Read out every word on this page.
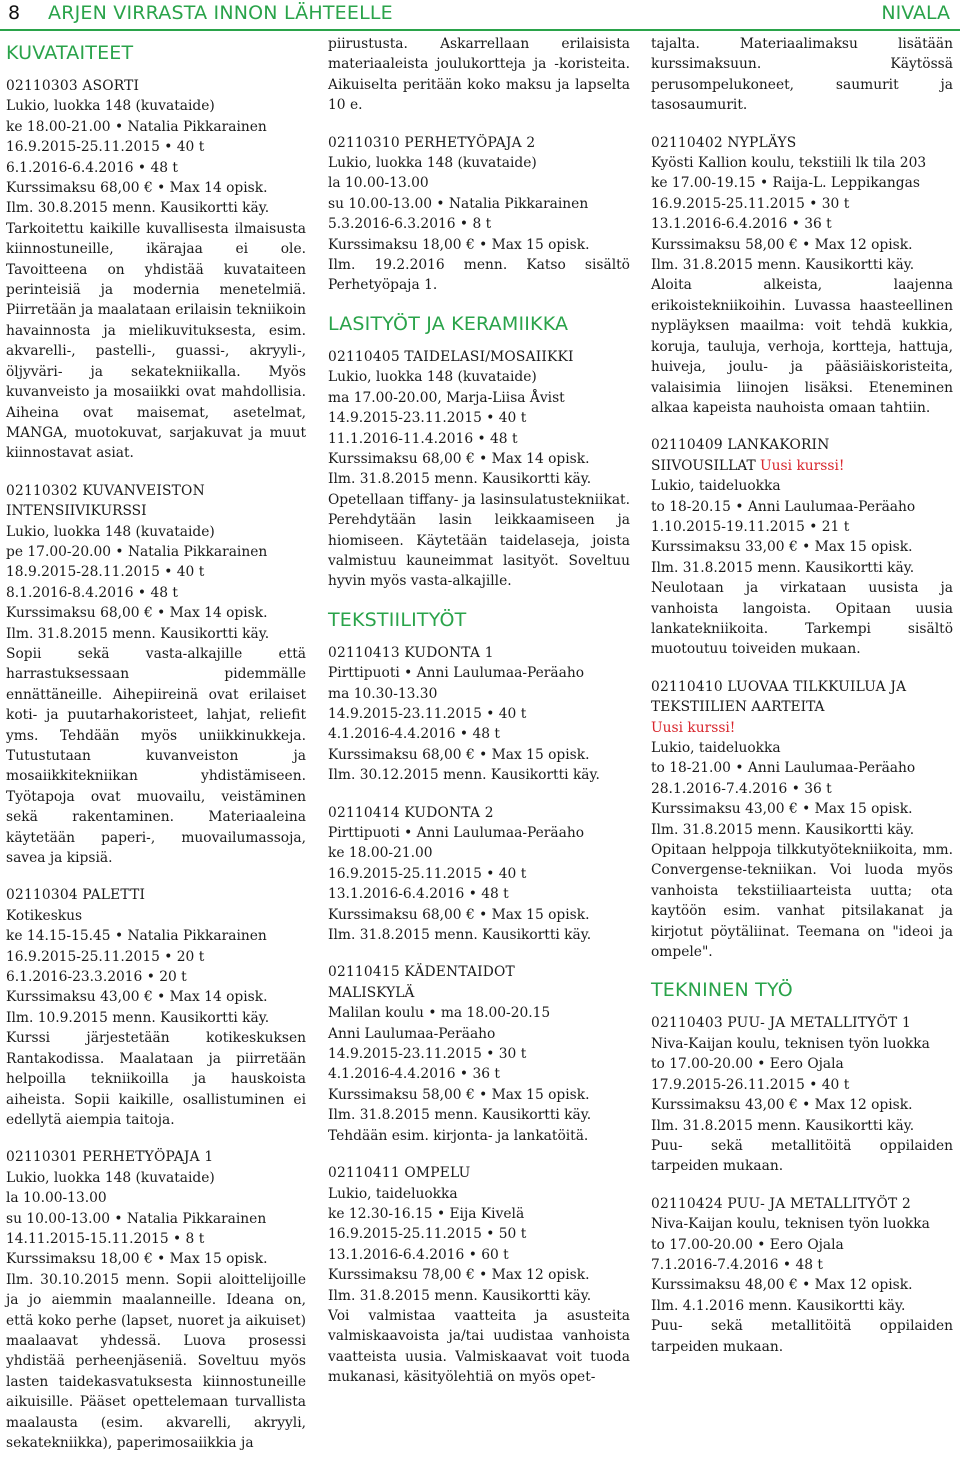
8 ARJEN VIRRASTA INNON LÄHTEELLE	NIVALA
KUVATAITEET
02110303 ASORTI
Lukio, luokka 148 (kuvataide)
ke 18.00-21.00 • Natalia Pikkarainen
16.9.2015-25.11.2015 • 40 t
6.1.2016-6.4.2016 • 48 t
Kurssimaksu 68,00 € • Max 14 opisk.
Ilm. 30.8.2015 menn. Kausikortti käy.
Tarkoitettu kaikille kuvallisesta ilmaisusta kiinnostuneille, ikärajaa ei ole. Tavoitteena on yhdistää kuvataiteen perinteisiä ja modernia menetelmiä. Piirretään ja maalataan erilaisin tekniikoin havainnosta ja mielikuvituksesta, esim. akvarelli-, pastelli-, guassi-, akryyli-, öljyväri- ja sekatekniikalla. Myös kuvanveisto ja mosaiikki ovat mahdollisia. Aiheina ovat maisemat, asetelmat, MANGA, muotokuvat, sarjakuvat ja muut kiinnostavat asiat.
02110302 KUVANVEISTON
INTENSIIVIKURSSI
Lukio, luokka 148 (kuvataide)
pe 17.00-20.00 • Natalia Pikkarainen
18.9.2015-28.11.2015 • 40 t
8.1.2016-8.4.2016 • 48 t
Kurssimaksu 68,00 € • Max 14 opisk.
Ilm. 31.8.2015 menn. Kausikortti käy.
Sopii sekä vasta-alkajille että harrastuksessaan pidemmälle ennättäneille. Aihepiireinä ovat erilaiset koti- ja puutarhakoristeet, lahjat, reliefit yms. Tehdään myös uniikkinukkeja. Tutustutaan kuvanveiston ja mosaiikkitekniikan yhdistämiseen. Työtapoja ovat muovailu, veistäminen sekä rakentaminen. Materiaaleina käytetään paperi-, muovailumassoja, savea ja kipsiä.
02110304 PALETTI
Kotikeskus
ke 14.15-15.45 • Natalia Pikkarainen
16.9.2015-25.11.2015 • 20 t
6.1.2016-23.3.2016 • 20 t
Kurssimaksu 43,00 € • Max 14 opisk.
Ilm. 10.9.2015 menn. Kausikortti käy.
Kurssi järjestetään kotikeskuksen Rantakodissa. Maalataan ja piirretään helpoilla tekniikoilla ja hauskoista aiheista. Sopii kaikille, osallistuminen ei edellytä aiempia taitoja.
02110301 PERHETYÖPAJA 1
Lukio, luokka 148 (kuvataide)
la 10.00-13.00
su 10.00-13.00 • Natalia Pikkarainen
14.11.2015-15.11.2015 • 8 t
Kurssimaksu 18,00 € • Max 15 opisk.
Ilm. 30.10.2015 menn. Sopii aloittelijoille ja jo aiemmin maalanneille. Ideana on, että koko perhe (lapset, nuoret ja aikuiset) maalaavat yhdessä. Luova prosessi yhdistää perheenjäseniä. Soveltuu myös lasten taidekasvatuksesta kiinnostuneille aikuisille. Pääset opettelemaan turvallista maalausta (esim. akvarelli, akryyli, sekatekniikka), paperimosaiikkia ja
piirustusta. Askarrellaan erilaisista materiaaleista joulukortteja ja -koristeita. Aikuiselta peritään koko maksu ja lapselta 10 e.
02110310 PERHETYÖPAJA 2
Lukio, luokka 148 (kuvataide)
la 10.00-13.00
su 10.00-13.00 • Natalia Pikkarainen
5.3.2016-6.3.2016 • 8 t
Kurssimaksu 18,00 € • Max 15 opisk.
Ilm. 19.2.2016 menn. Katso sisältö Perhetyöpaja 1.
LASITYÖT JA KERAMIIKKA
02110405 TAIDELASI/MOSAIIKKI
Lukio, luokka 148 (kuvataide)
ma 17.00-20.00, Marja-Liisa Åvist
14.9.2015-23.11.2015 • 40 t
11.1.2016-11.4.2016 • 48 t
Kurssimaksu 68,00 € • Max 14 opisk.
Ilm. 31.8.2015 menn. Kausikortti käy.
Opetellaan tiffany- ja lasinsulatustekniikat. Perehdytään lasin leikkaamiseen ja hiomiseen. Käytetään taidelaseja, joista valmistuu kauneimmat lasityöt. Soveltuu hyvin myös vasta-alkajille.
TEKSTIILITYÖT
02110413 KUDONTA 1
Pirttipuoti • Anni Laulumaa-Peräaho
ma 10.30-13.30
14.9.2015-23.11.2015 • 40 t
4.1.2016-4.4.2016 • 48 t
Kurssimaksu 68,00 € • Max 15 opisk.
Ilm. 30.12.2015 menn. Kausikortti käy.
02110414 KUDONTA 2
Pirttipuoti • Anni Laulumaa-Peräaho
ke 18.00-21.00
16.9.2015-25.11.2015 • 40 t
13.1.2016-6.4.2016 • 48 t
Kurssimaksu 68,00 € • Max 15 opisk.
Ilm. 31.8.2015 menn. Kausikortti käy.
02110415 KÄDENTAIDOT
MALISKYLÄ
Malilan koulu • ma 18.00-20.15
Anni Laulumaa-Peräaho
14.9.2015-23.11.2015 • 30 t
4.1.2016-4.4.2016 • 36 t
Kurssimaksu 58,00 € • Max 15 opisk.
Ilm. 31.8.2015 menn. Kausikortti käy.
Tehdään esim. kirjonta- ja lankatöitä.
02110411 OMPELU
Lukio, taideluokka
ke 12.30-16.15 • Eija Kivelä
16.9.2015-25.11.2015 • 50 t
13.1.2016-6.4.2016 • 60 t
Kurssimaksu 78,00 € • Max 12 opisk.
Ilm. 31.8.2015 menn. Kausikortti käy.
Voi valmistaa vaatteita ja asusteita valmiskaavoista ja/tai uudistaa vanhoista vaatteista uusia. Valmiskaavat voit tuoda mukanasi, käsityölehtiä on myös opet-
tajalta. Materiaalimaksu lisätään kurssimaksuun. Käytössä perusompelukoneet, saumurit ja tasosaumurit.
02110402 NYPLÄYS
Kyösti Kallion koulu, tekstiili lk tila 203
ke 17.00-19.15 • Raija-L. Leppikangas
16.9.2015-25.11.2015 • 30 t
13.1.2016-6.4.2016 • 36 t
Kurssimaksu 58,00 € • Max 12 opisk.
Ilm. 31.8.2015 menn. Kausikortti käy.
Aloita alkeista, laajenna erikoistekniikoihin. Luvassa haasteellinen nypläyksen maailma: voit tehdä kukkia, koruja, tauluja, verhoja, kortteja, hattuja, huiveja, joulu- ja pääsiäiskoristeita, valaisimia liinojen lisäksi. Eteneminen alkaa kapeista nauhoista omaan tahtiin.
02110409 LANKAKORIN
SIIVOUSILLAT Uusi kurssi!
Lukio, taideluokka
to 18-20.15 • Anni Laulumaa-Peräaho
1.10.2015-19.11.2015 • 21 t
Kurssimaksu 33,00 € • Max 15 opisk.
Ilm. 31.8.2015 menn. Kausikortti käy.
Neulotaan ja virkataan uusista ja vanhoista langoista. Opitaan uusia lankatekniikoita. Tarkempi sisältö muotoutuu toiveiden mukaan.
02110410 LUOVAA TILKKUILUA JA
TEKSTIILIEN AARTEITA
Uusi kurssi!
Lukio, taideluokka
to 18-21.00 • Anni Laulumaa-Peräaho
28.1.2016-7.4.2016 • 36 t
Kurssimaksu 43,00 € • Max 15 opisk.
Ilm. 31.8.2015 menn. Kausikortti käy.
Opitaan helppoja tilkkutyötekniikoita, mm. Convergense-tekniikan. Voi luoda myös vanhoista tekstiiliaarteista uutta; ota kaytöön esim. vanhat pitsilakanat ja kirjotut pöytäliinat. Teemana on "ideoi ja ompele".
TEKNINEN TYÖ
02110403 PUU- JA METALLITYÖT 1
Niva-Kaijan koulu, teknisen työn luokka
to 17.00-20.00 • Eero Ojala
17.9.2015-26.11.2015 • 40 t
Kurssimaksu 43,00 € • Max 12 opisk.
Ilm. 31.8.2015 menn. Kausikortti käy.
Puu- sekä metallitöitä oppilaiden tarpeiden mukaan.
02110424 PUU- JA METALLITYÖT 2
Niva-Kaijan koulu, teknisen työn luokka
to 17.00-20.00 • Eero Ojala
7.1.2016-7.4.2016 • 48 t
Kurssimaksu 48,00 € • Max 12 opisk.
Ilm. 4.1.2016 menn. Kausikortti käy.
Puu- sekä metallitöitä oppilaiden tarpeiden mukaan.
